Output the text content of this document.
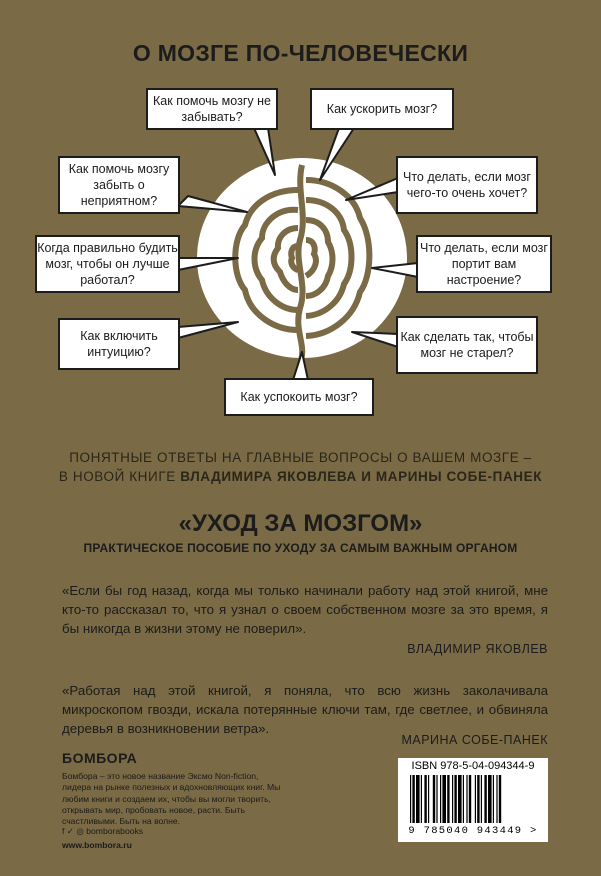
О МОЗГЕ ПО-ЧЕЛОВЕЧЕСКИ
Как помочь мозгу не забывать?
Как ускорить мозг?
Как помочь мозгу забыть о неприятном?
Что делать, если мозг чего-то очень хочет?
Когда правильно будить мозг, чтобы он лучше работал?
Что делать, если мозг портит вам настроение?
Как включить интуицию?
Как сделать так, чтобы мозг не старел?
Как успокоить мозг?
ПОНЯТНЫЕ ОТВЕТЫ НА ГЛАВНЫЕ ВОПРОСЫ О ВАШЕМ МОЗГЕ –
В НОВОЙ КНИГЕ ВЛАДИМИРА ЯКОВЛЕВА И МАРИНЫ СОБЕ-ПАНЕК
«УХОД ЗА МОЗГОМ»
ПРАКТИЧЕСКОЕ ПОСОБИЕ ПО УХОДУ ЗА САМЫМ ВАЖНЫМ ОРГАНОМ
«Если бы год назад, когда мы только начинали работу над этой книгой, мне кто-то рассказал то, что я узнал о своем собственном мозге за это время, я бы никогда в жизни этому не поверил».
ВЛАДИМИР ЯКОВЛЕВ
«Работая над этой книгой, я поняла, что всю жизнь заколачивала микроскопом гвозди, искала потерянные ключи там, где светлее, и обвиняла деревья в возникновении ветра».
МАРИНА СОБЕ-ПАНЕК
БОМБОРА
Бомбора – это новое название Эксмо Non-fiction, лидера на рынке полезных и вдохновляющих книг. Мы любим книги и создаем их, чтобы вы могли творить, открывать мир, пробовать новое, расти. Быть счастливыми. Быть на волне.
f ✓ ◎ bomborabooks
www.bombora.ru
ISBN 978-5-04-094344-9
9 785040 943449 >
